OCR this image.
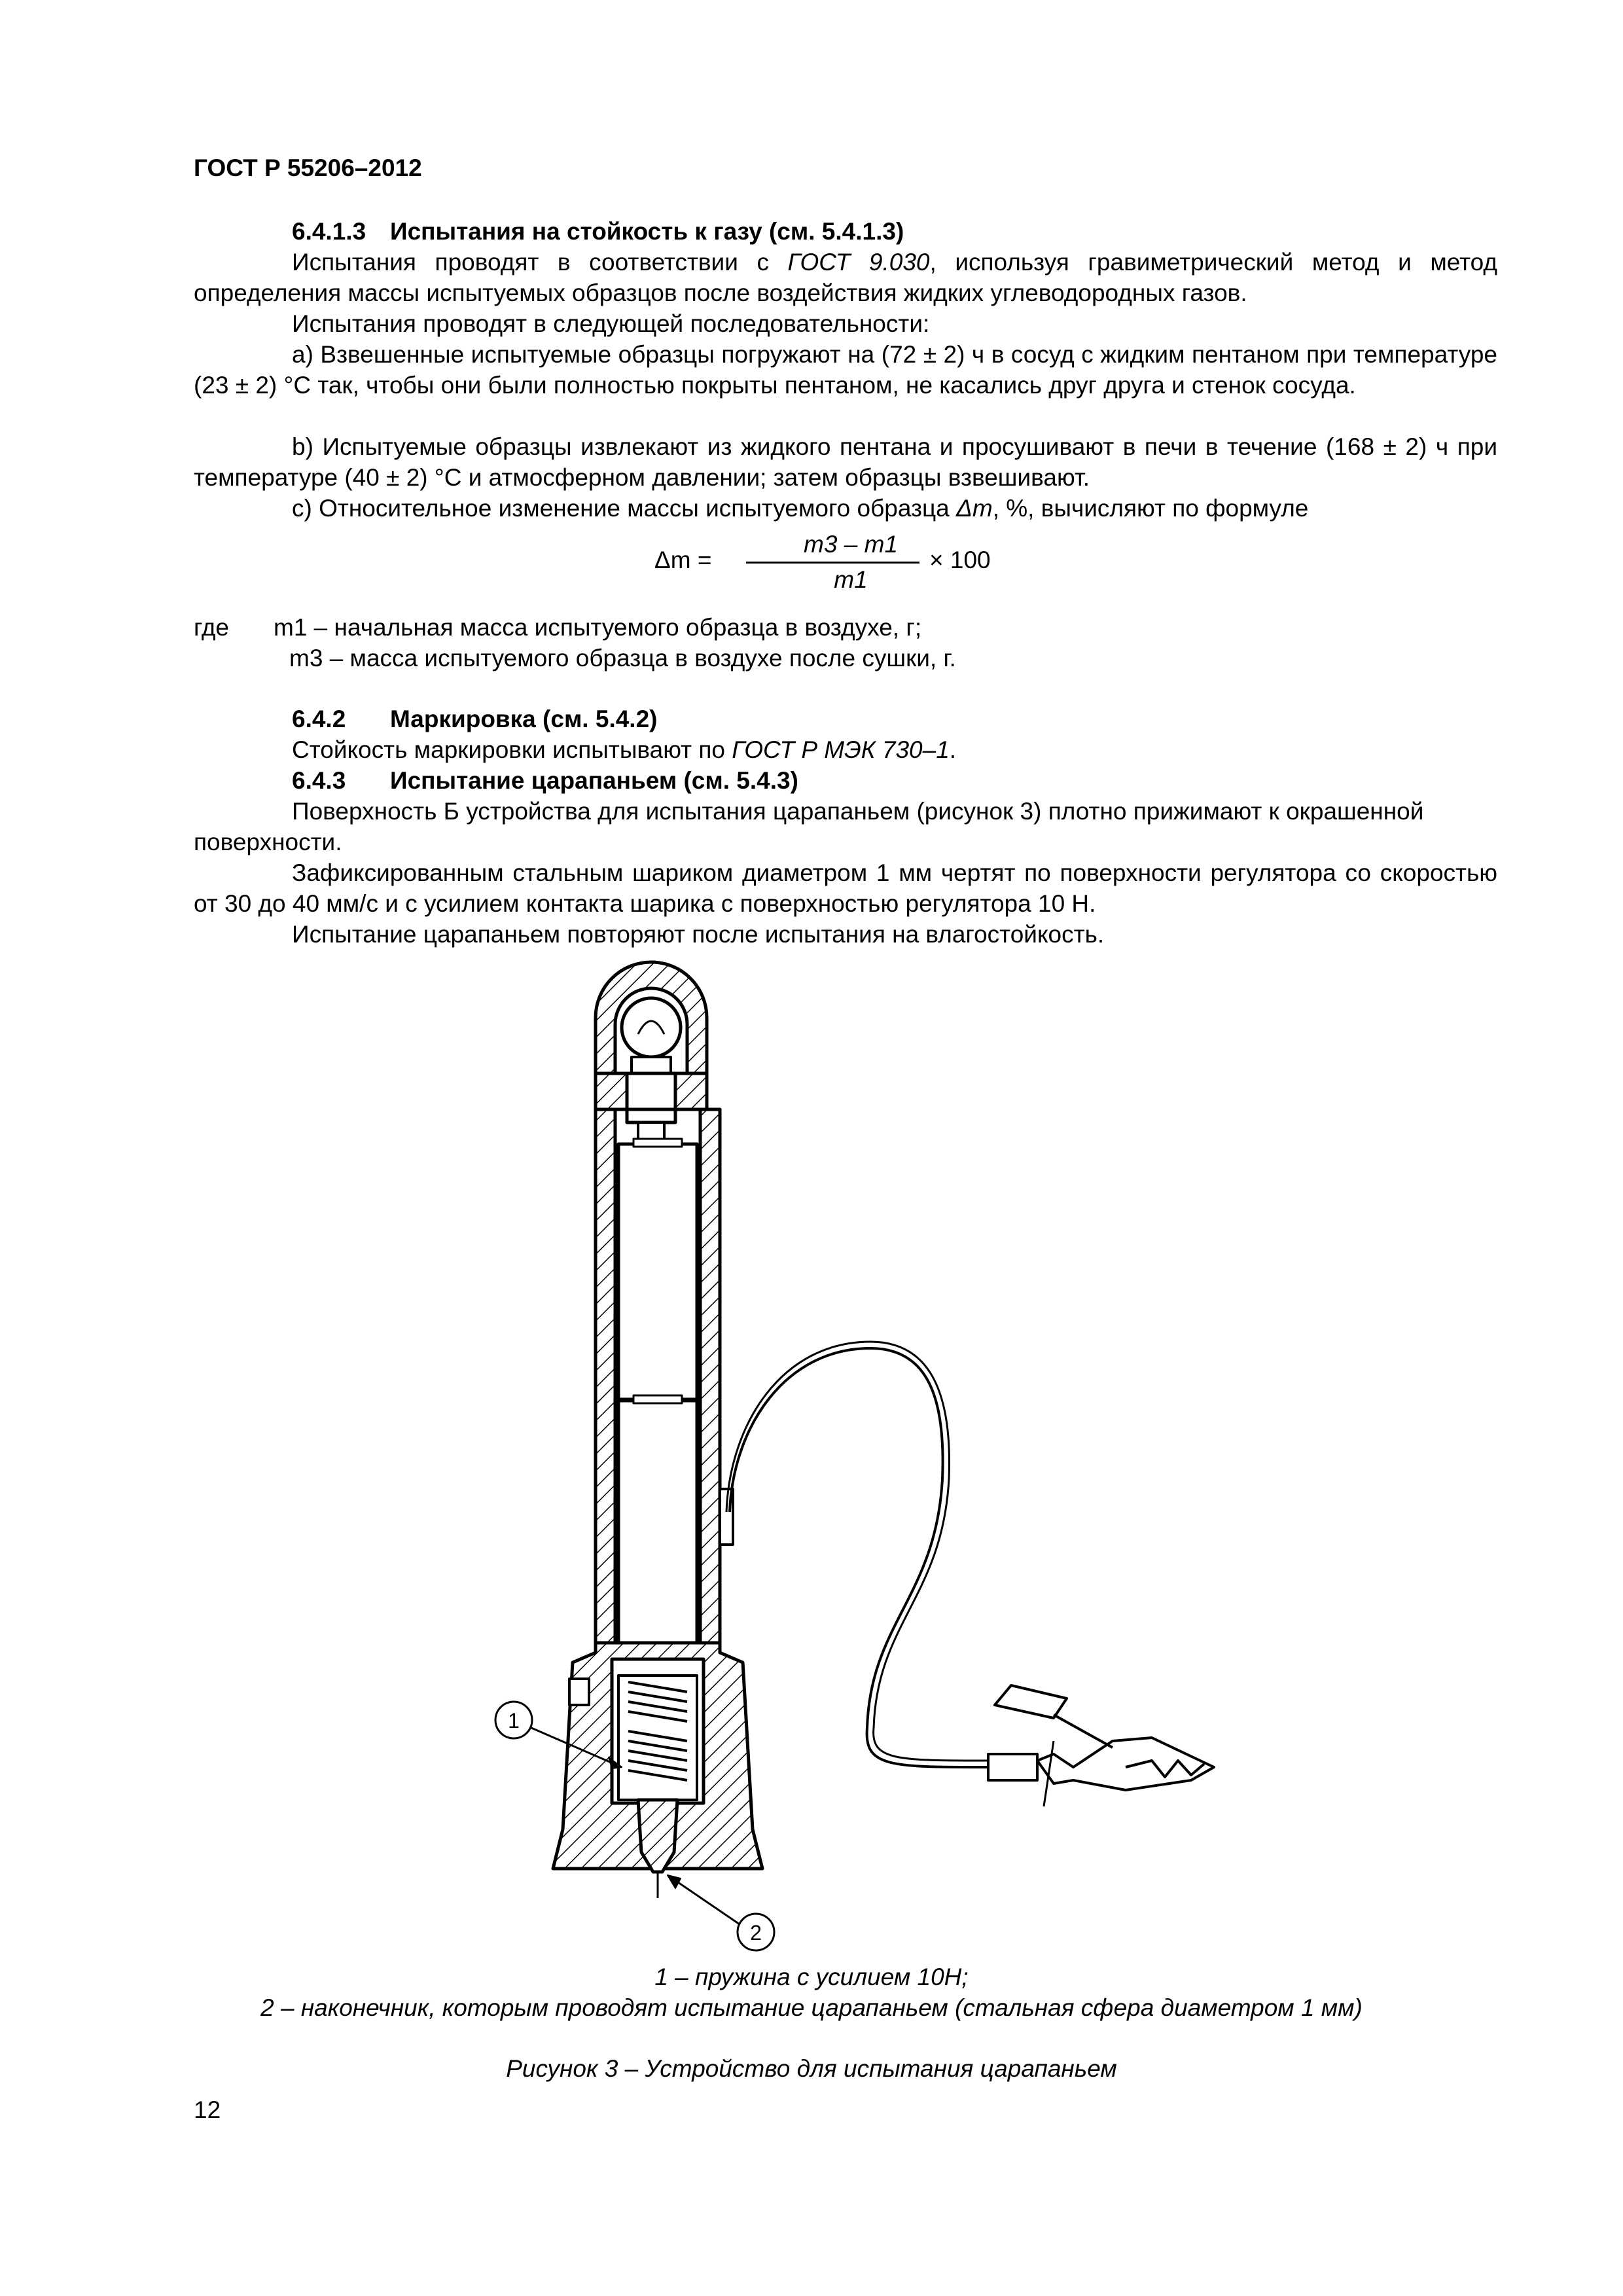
ГОСТ Р 55206–2012
6.4.1.3 Испытания на стойкость к газу (см. 5.4.1.3)
Испытания проводят в соответствии с ГОСТ 9.030, используя гравиметрический метод и метод определения массы испытуемых образцов после воздействия жидких углеводородных газов.
Испытания проводят в следующей последовательности:
a) Взвешенные испытуемые образцы погружают на (72 ± 2) ч в сосуд с жидким пентаном при температуре (23 ± 2) °С так, чтобы они были полностью покрыты пентаном, не касались друг друга и стенок сосуда.
b) Испытуемые образцы извлекают из жидкого пентана и просушивают в печи в течение (168 ± 2) ч при температуре (40 ± 2) °С и атмосферном давлении; затем образцы взвешивают.
c) Относительное изменение массы испытуемого образца Δm, %, вычисляют по формуле
Δm =
m3 – m1
m1
× 100
где m1 – начальная масса испытуемого образца в воздухе, г;
m3 – масса испытуемого образца в воздухе после сушки, г.
6.4.2 Маркировка (см. 5.4.2)
Стойкость маркировки испытывают по ГОСТ Р МЭК 730–1.
6.4.3 Испытание царапаньем (см. 5.4.3)
Поверхность Б устройства для испытания царапаньем (рисунок 3) плотно прижимают к окрашенной поверхности.
Зафиксированным стальным шариком диаметром 1 мм чертят по поверхности регулятора со скоростью от 30 до 40 мм/с и с усилием контакта шарика с поверхностью регулятора 10 Н.
Испытание царапаньем повторяют после испытания на влагостойкость.
1
2
1 – пружина с усилием 10Н;
2 – наконечник, которым проводят испытание царапаньем (стальная сфера диаметром 1 мм)
Рисунок 3 – Устройство для испытания царапаньем
12
